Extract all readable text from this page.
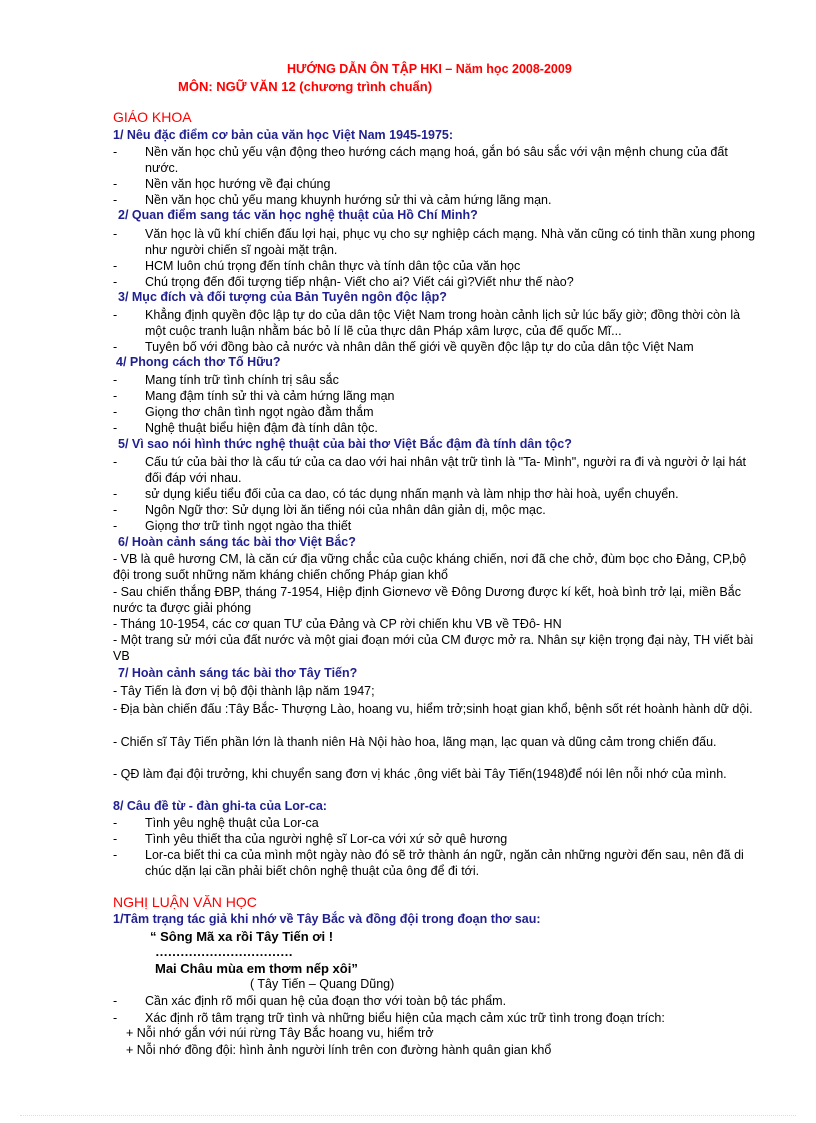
HƯỚNG DẪN ÔN TẬP HKI – Năm học 2008-2009
MÔN: NGỮ VĂN 12 (chương trình chuẩn)
GIÁO KHOA
1/ Nêu đặc điểm cơ bản của văn học Việt Nam 1945-1975:
- Nền văn học chủ yếu vận động theo hướng cách mạng hoá, gắn bó sâu sắc với vận mệnh chung của đất nước.
- Nền văn học hướng về đại chúng
- Nền văn học chủ yếu mang khuynh hướng sử thi và cảm hứng lãng mạn.
2/ Quan điểm sang tác văn học nghệ thuật của Hồ Chí Minh?
- Văn học là vũ khí chiến đấu lợi hại, phục vụ cho sự nghiệp cách mạng. Nhà văn cũng có tinh thần xung phong như người chiến sĩ ngoài mặt trận.
- HCM luôn chú trọng đến tính chân thực và tính dân tộc của văn học
- Chú trọng đến đối tượng tiếp nhận- Viết cho ai? Viết cái gì?Viết như thế nào?
3/ Mục đích và đối tượng của Bản Tuyên ngôn độc lập?
- Khẳng định quyền độc lập tự do của dân tộc Việt Nam trong hoàn cảnh lịch sử lúc bấy giờ; đồng thời còn là một cuộc tranh luận nhằm bác bỏ lí lẽ của thực dân Pháp xâm lược, của đế quốc Mĩ...
- Tuyên bố với đồng bào cả nước và nhân dân thế giới về quyền độc lập tự do của dân tộc Việt Nam
4/ Phong cách thơ Tố Hữu?
- Mang tính trữ tình chính trị sâu sắc
- Mang đậm tính sử thi và cảm hứng lãng mạn
- Giọng thơ chân tình ngọt ngào đằm thắm
- Nghệ thuật biểu hiện đậm đà tính dân tộc.
5/ Vì sao nói hình thức nghệ thuật của bài thơ Việt Bắc đậm đà tính dân tộc?
- Cấu tứ của bài thơ là cấu tứ của ca dao với hai nhân vật trữ tình là "Ta- Mình", người ra đi và người ở lại hát đối đáp với nhau.
- sử dụng kiểu tiểu đối của ca dao, có tác dụng nhấn mạnh và làm nhịp thơ hài hoà, uyển chuyển.
- Ngôn Ngữ thơ: Sử dụng lời ăn tiếng nói của nhân dân giản dị, mộc mạc.
- Giọng thơ trữ tình ngọt ngào tha thiết
6/ Hoàn cảnh sáng tác bài thơ Việt Bắc?
- VB là quê hương CM, là căn cứ địa vững chắc của cuộc kháng chiến, nơi đã che chở, đùm bọc cho Đảng, CP,bộ đội trong suốt những năm kháng chiến chống Pháp gian khổ
- Sau chiến thắng ĐBP, tháng 7-1954, Hiệp định Giơnevơ về Đông Dương được kí kết, hoà bình trở lại, miền Bắc nước ta được giải phóng
- Tháng 10-1954, các cơ quan TƯ của Đảng và CP rời chiến khu VB về TĐô- HN
- Một trang sử mới của đất nước và một giai đoạn mới của CM được mở ra. Nhân sự kiện trọng đại này, TH viết bài VB
7/ Hoàn cảnh sáng tác bài thơ Tây Tiến?
- Tây Tiến là đơn vị bộ đội thành lập năm 1947;
- Địa bàn chiến đấu :Tây Bắc- Thượng Lào, hoang vu, hiểm trở;sinh hoạt gian khổ, bệnh sốt rét hoành hành dữ dội.
- Chiến sĩ Tây Tiến phần lớn là thanh niên Hà Nội hào hoa, lãng mạn, lạc quan và dũng cảm trong chiến đấu.
- QĐ làm đại đội trưởng, khi chuyển sang đơn vị khác ,ông viết bài Tây Tiến(1948)để nói lên nỗi nhớ của mình.
8/ Câu đề từ - đàn ghi-ta của Lor-ca:
- Tình yêu nghệ thuật của Lor-ca
- Tình yêu thiết tha của người nghệ sĩ Lor-ca với xứ sở quê hương
- Lor-ca biết thi ca của mình một ngày nào đó sẽ trở thành án ngữ, ngăn cản những người đến sau, nên đã di chúc dặn lại cần phải biết chôn nghệ thuật của ông để đi tới.
NGHỊ LUẬN VĂN HỌC
1/Tâm trạng tác giả khi nhớ về Tây Bắc và đồng đội trong đoạn thơ sau:
“ Sông Mã xa rồi Tây Tiến ơi !
……………………………
Mai Châu mùa em thơm nếp xôi”
( Tây Tiến – Quang Dũng)
- Cần xác định rõ mối quan hệ của đoạn thơ với toàn bộ tác phẩm.
- Xác định rõ tâm trạng trữ tình và những biểu hiện của mạch cảm xúc trữ tình trong đoạn trích:
+ Nỗi nhớ gắn với núi rừng Tây Bắc hoang vu, hiểm trở
+ Nỗi nhớ đồng đội: hình ảnh người lính trên con đường hành quân gian khổ
